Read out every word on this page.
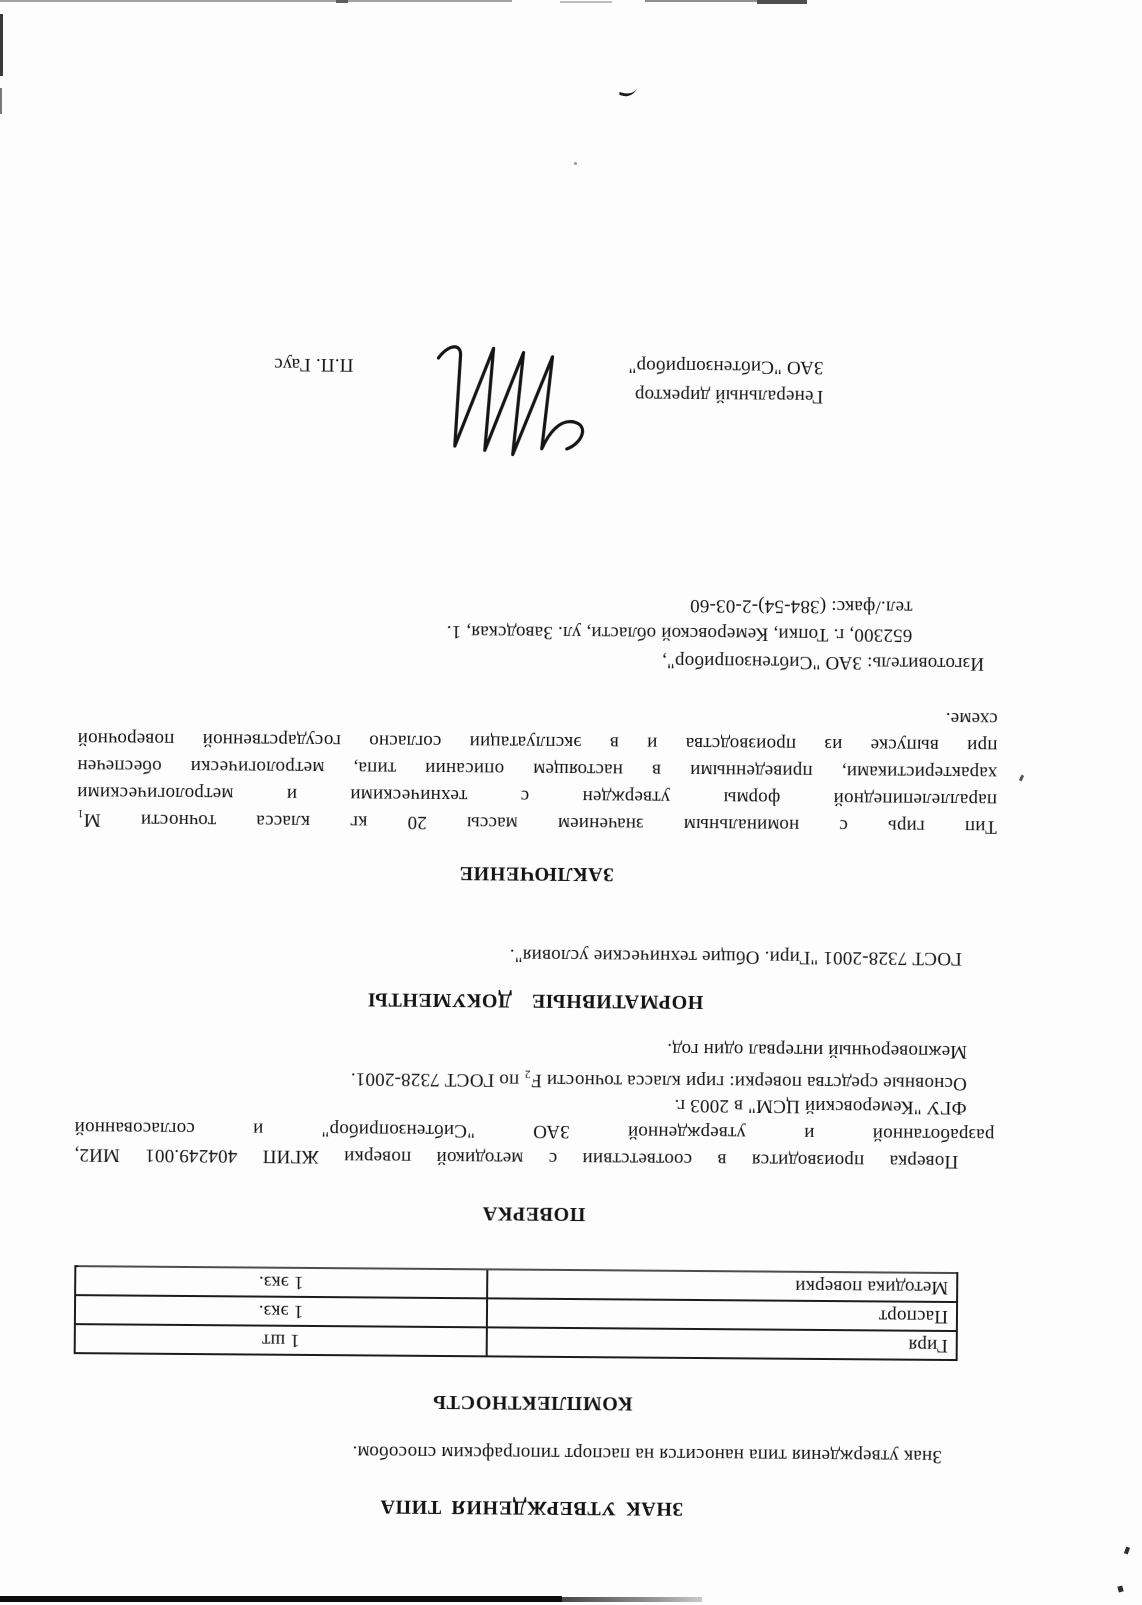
ЗНАК УТВЕРЖДЕНИЯ ТИПА
Знак утверждения типа наносится на паспорт типографским способом.
КОМПЛЕКТНОСТЬ
Гиря	1 шт
Паспорт	1 экз.
Методика поверки	1 экз.
ПОВЕРКА
Поверка производится в соответствии с методикой поверки ЖГИП 404249.001 МИ2,
разработанной и утвержденной ЗАО "Сибтензоприбор" и согласованной
ФГУ "Кемеровский ЦСМ" в 2003 г.
Основные средства поверки: гири класса точности F₂ по ГОСТ 7328-2001.
Межповерочный интервал один год.
НОРМАТИВНЫЕ ДОКУМЕНТЫ
ГОСТ 7328-2001 "Гири. Общие технические условия".
ЗАКЛЮЧЕНИЕ
Тип гирь с номинальным значением массы 20 кг класса точности М₁
параллелепипедной формы утвержден с техническими и метрологическими
характеристиками, приведенными в настоящем описании типа, метрологически обеспечен
при выпуске из производства и в эксплуатации согласно государственной поверочной
схеме.
Изготовитель: ЗАО "Сибтензоприбор",
652300, г. Топки, Кемеровской области, ул. Заводская, 1.
тел./факс: (384-54)-2-03-60
Генеральный директор
ЗАО "Сибтензоприбор"
П.П. Гаус
